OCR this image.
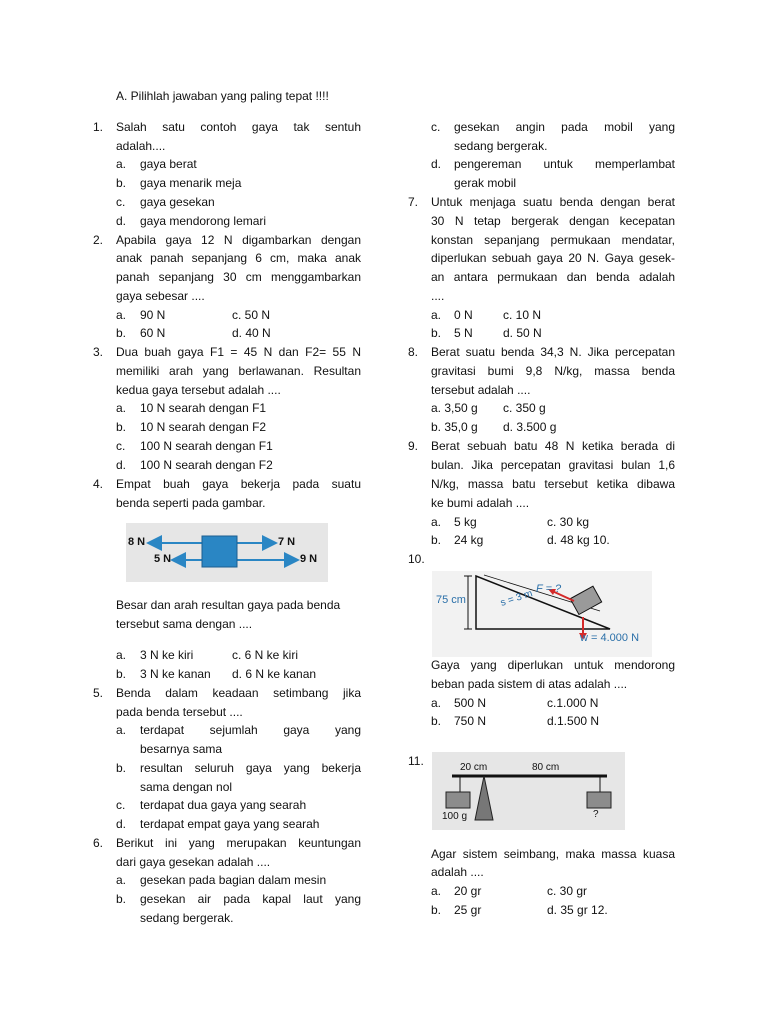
A. Pilihlah jawaban yang paling tepat !!!!
1. Salah satu contoh gaya tak sentuh
adalah....
a. gaya berat
b. gaya menarik meja
c. gaya gesekan
d. gaya mendorong lemari
2. Apabila gaya 12 N digambarkan dengan
anak panah sepanjang 6 cm, maka anak
panah sepanjang 30 cm menggambarkan
gaya sebesar ....
a. 90 N	c. 50 N
b. 60 N	d. 40 N
3. Dua buah gaya F1 = 45 N dan F2= 55 N
memiliki arah yang berlawanan. Resultan
kedua gaya tersebut adalah ....
a. 10 N searah dengan F1
b. 10 N searah dengan F2
c. 100 N searah dengan F1
d. 100 N searah dengan F2
4. Empat buah gaya bekerja pada suatu
benda seperti pada gambar.
8 N
5 N
7 N
9 N
Besar dan arah resultan gaya pada benda
tersebut sama dengan ....
a. 3 N ke kiri	c. 6 N ke kiri
b. 3 N ke kanan d. 6 N ke kanan
5. Benda dalam keadaan setimbang jika
pada benda tersebut ....
a. terdapat sejumlah gaya yang
besarnya sama
b. resultan seluruh gaya yang bekerja
sama dengan nol
c. terdapat dua gaya yang searah
d. terdapat empat gaya yang searah
6. Berikut ini yang merupakan keuntungan
dari gaya gesekan adalah ....
a. gesekan pada bagian dalam mesin
b. gesekan air pada kapal laut yang
sedang bergerak.
c. gesekan angin pada mobil yang
sedang bergerak.
d. pengereman untuk memperlambat
gerak mobil
7. Untuk menjaga suatu benda dengan berat
30 N tetap bergerak dengan kecepatan
konstan sepanjang permukaan mendatar,
diperlukan sebuah gaya 20 N. Gaya gesek-
an antara permukaan dan benda adalah
....
a. 0 N	c. 10 N
b. 5 N	d. 50 N
8. Berat suatu benda 34,3 N. Jika percepatan
gravitasi bumi 9,8 N/kg, massa benda
tersebut adalah ....
a. 3,50 g c. 350 g
b. 35,0 g d. 3.500 g
9. Berat sebuah batu 48 N ketika berada di
bulan. Jika percepatan gravitasi bulan 1,6
N/kg, massa batu tersebut ketika dibawa
ke bumi adalah ....
a. 5 kg	c. 30 kg
b. 24 kg	d. 48 kg 10.
10.
75 cm	s = 3 m F = ?
w = 4.000 N
Gaya yang diperlukan untuk mendorong
beban pada sistem di atas adalah ....
a. 500 N	c.1.000 N
b. 750 N	d.1.500 N
11.	20 cm	80 cm
100 g	?
Agar sistem seimbang, maka massa kuasa
adalah ....
a. 20 gr	c. 30 gr
b. 25 gr	d. 35 gr 12.
